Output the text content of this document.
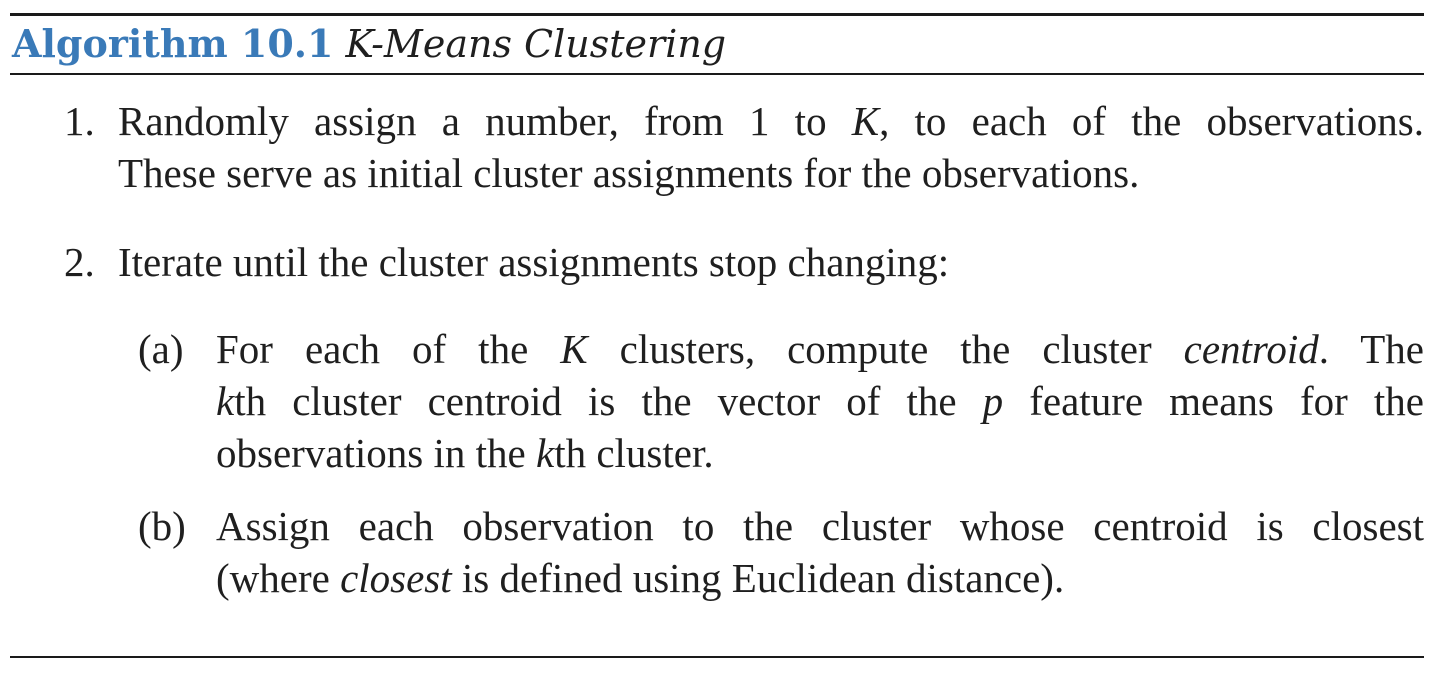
Algorithm 10.1 K-Means Clustering
1. Randomly assign a number, from 1 to K, to each of the observations.
These serve as initial cluster assignments for the observations.
2. Iterate until the cluster assignments stop changing:
(a) For each of the K clusters, compute the cluster centroid. The
kth cluster centroid is the vector of the p feature means for the
observations in the kth cluster.
(b) Assign each observation to the cluster whose centroid is closest
(where closest is defined using Euclidean distance).
